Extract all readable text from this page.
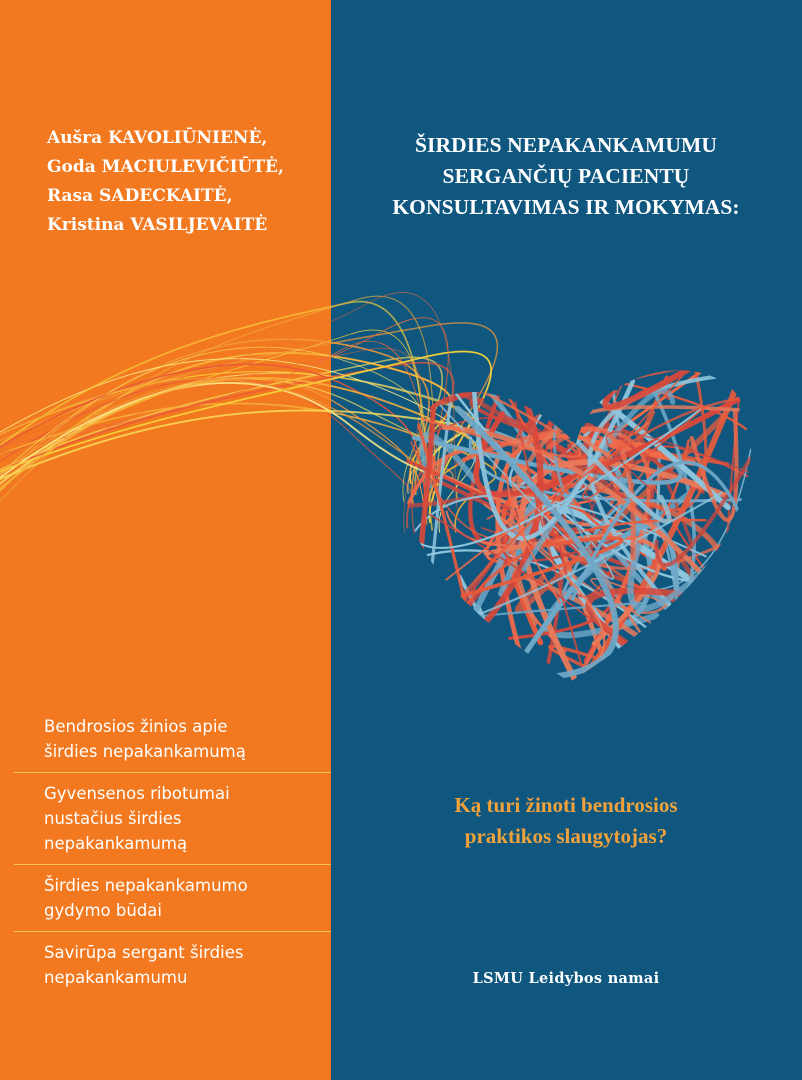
Aušra KAVOLIŪNIENĖ,
Goda MACIULEVIČIŪTĖ,
Rasa SADECKAITĖ,
Kristina VASILJEVAITĖ
ŠIRDIES NEPAKANKAMUMU
SERGANČIŲ PACIENTŲ
KONSULTAVIMAS IR MOKYMAS:
Bendrosios žinios apie
širdies nepakankamumą
Gyvensenos ribotumai
nustačius širdies
nepakankamumą
Širdies nepakankamumo
gydymo būdai
Savirūpa sergant širdies
nepakankamumu
Ką turi žinoti bendrosios
praktikos slaugytojas?
LSMU Leidybos namai
